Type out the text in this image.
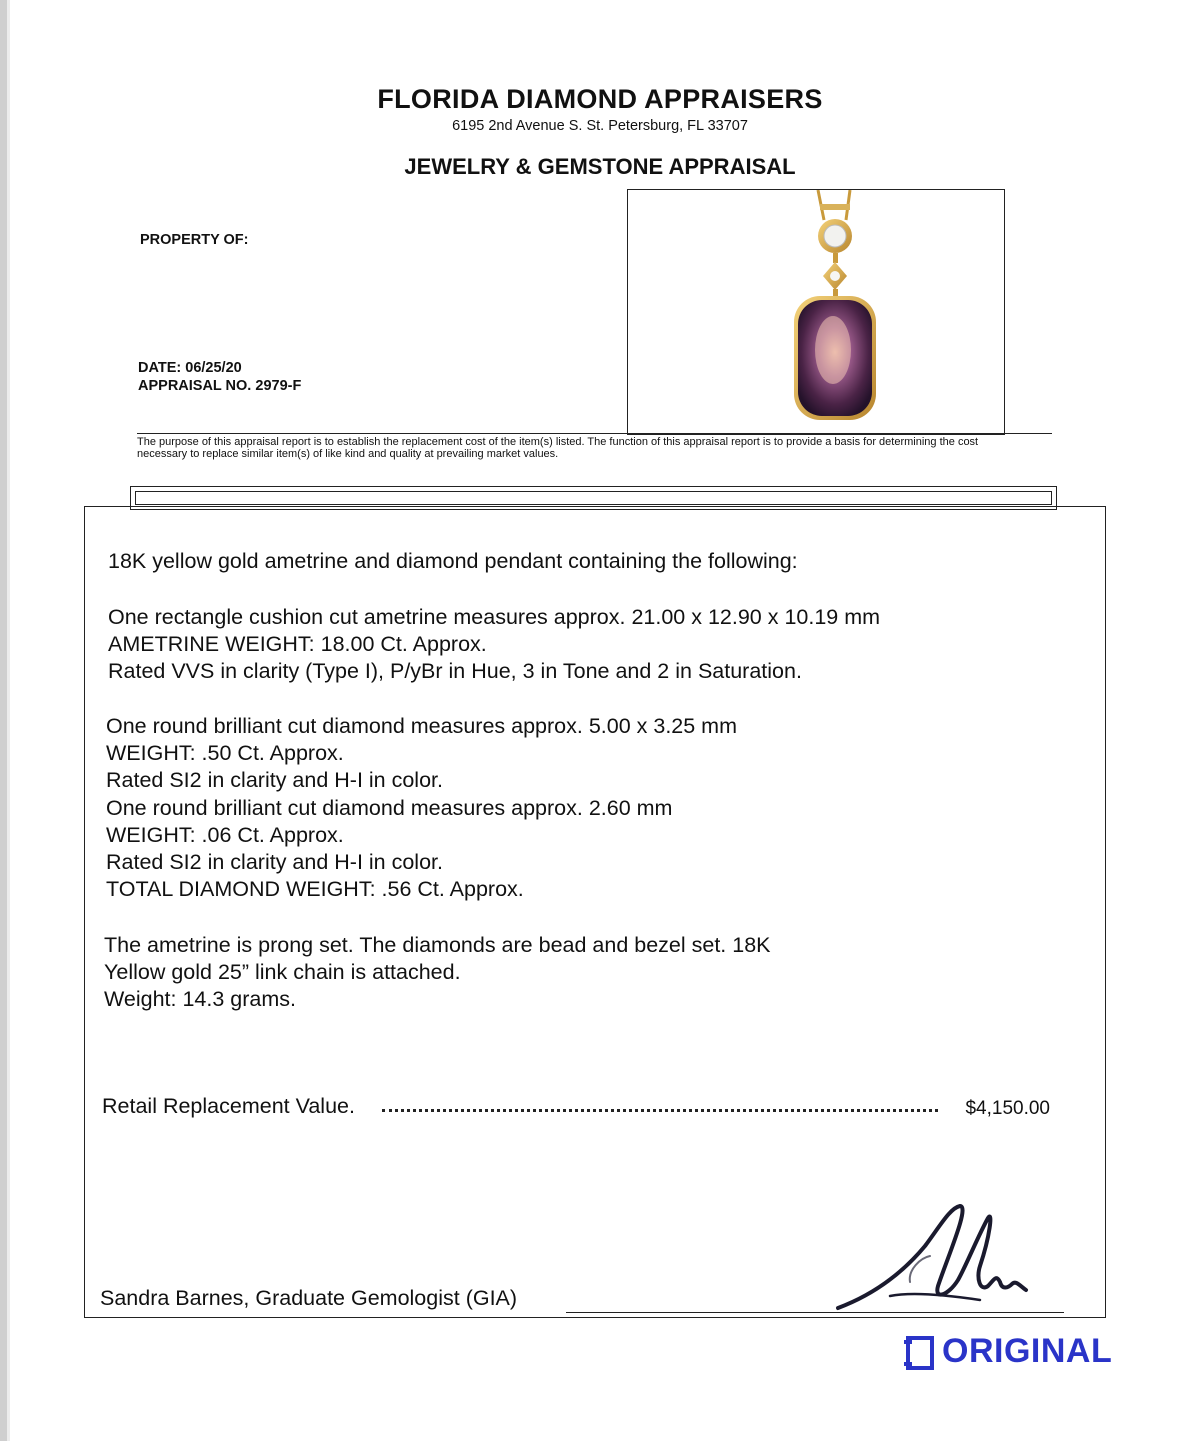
FLORIDA DIAMOND APPRAISERS
6195 2nd Avenue S. St. Petersburg, FL 33707
JEWELRY & GEMSTONE APPRAISAL
PROPERTY OF:
DATE: 06/25/20
APPRAISAL NO. 2979-F
The purpose of this appraisal report is to establish the replacement cost of the item(s) listed. The function of this appraisal report is to provide a basis for determining the cost
necessary to replace similar item(s) of like kind and quality at prevailing market values.
18K yellow gold ametrine and diamond pendant containing the following:
One rectangle cushion cut ametrine measures approx. 21.00 x 12.90 x 10.19 mm
AMETRINE WEIGHT: 18.00 Ct. Approx.
Rated VVS in clarity (Type I), P/yBr in Hue, 3 in Tone and 2 in Saturation.
One round brilliant cut diamond measures approx. 5.00 x 3.25 mm
WEIGHT: .50 Ct. Approx.
Rated SI2 in clarity and H-I in color.
One round brilliant cut diamond measures approx. 2.60 mm
WEIGHT: .06 Ct. Approx.
Rated SI2 in clarity and H-I in color.
TOTAL DIAMOND WEIGHT: .56 Ct. Approx.
The ametrine is prong set. The diamonds are bead and bezel set. 18K
Yellow gold 25” link chain is attached.
Weight: 14.3 grams.
Retail Replacement Value.	$4,150.00
Sandra Barnes, Graduate Gemologist (GIA)
ORIGINAL
